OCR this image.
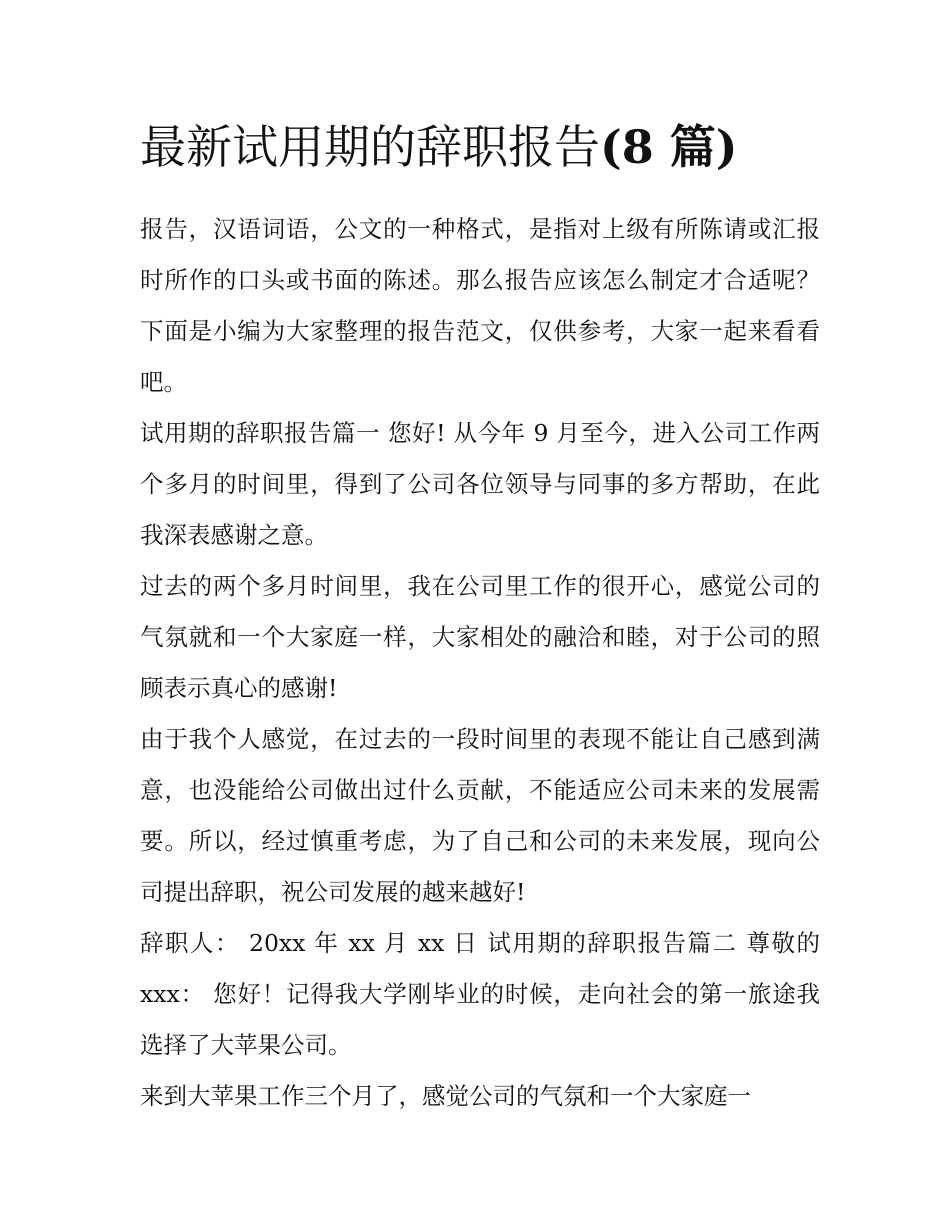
最新试用期的辞职报告(8 篇)

报告，汉语词语，公文的一种格式，是指对上级有所陈请或汇报时所作的口头或书面的陈述。那么报告应该怎么制定才合适呢？下面是小编为大家整理的报告范文，仅供参考，大家一起来看看吧。

试用期的辞职报告篇一 您好! 从今年 9 月至今，进入公司工作两个多月的时间里，得到了公司各位领导与同事的多方帮助，在此我深表感谢之意。

过去的两个多月时间里，我在公司里工作的很开心，感觉公司的气氛就和一个大家庭一样，大家相处的融洽和睦，对于公司的照顾表示真心的感谢!

由于我个人感觉，在过去的一段时间里的表现不能让自己感到满意，也没能给公司做出过什么贡献，不能适应公司未来的发展需要。所以，经过慎重考虑，为了自己和公司的未来发展，现向公司提出辞职，祝公司发展的越来越好!

辞职人： 20xx 年 xx 月 xx 日 试用期的辞职报告篇二 尊敬的 xxx： 您好！记得我大学刚毕业的时候，走向社会的第一旅途我选择了大苹果公司。

来到大苹果工作三个月了，感觉公司的气氛和一个大家庭一
